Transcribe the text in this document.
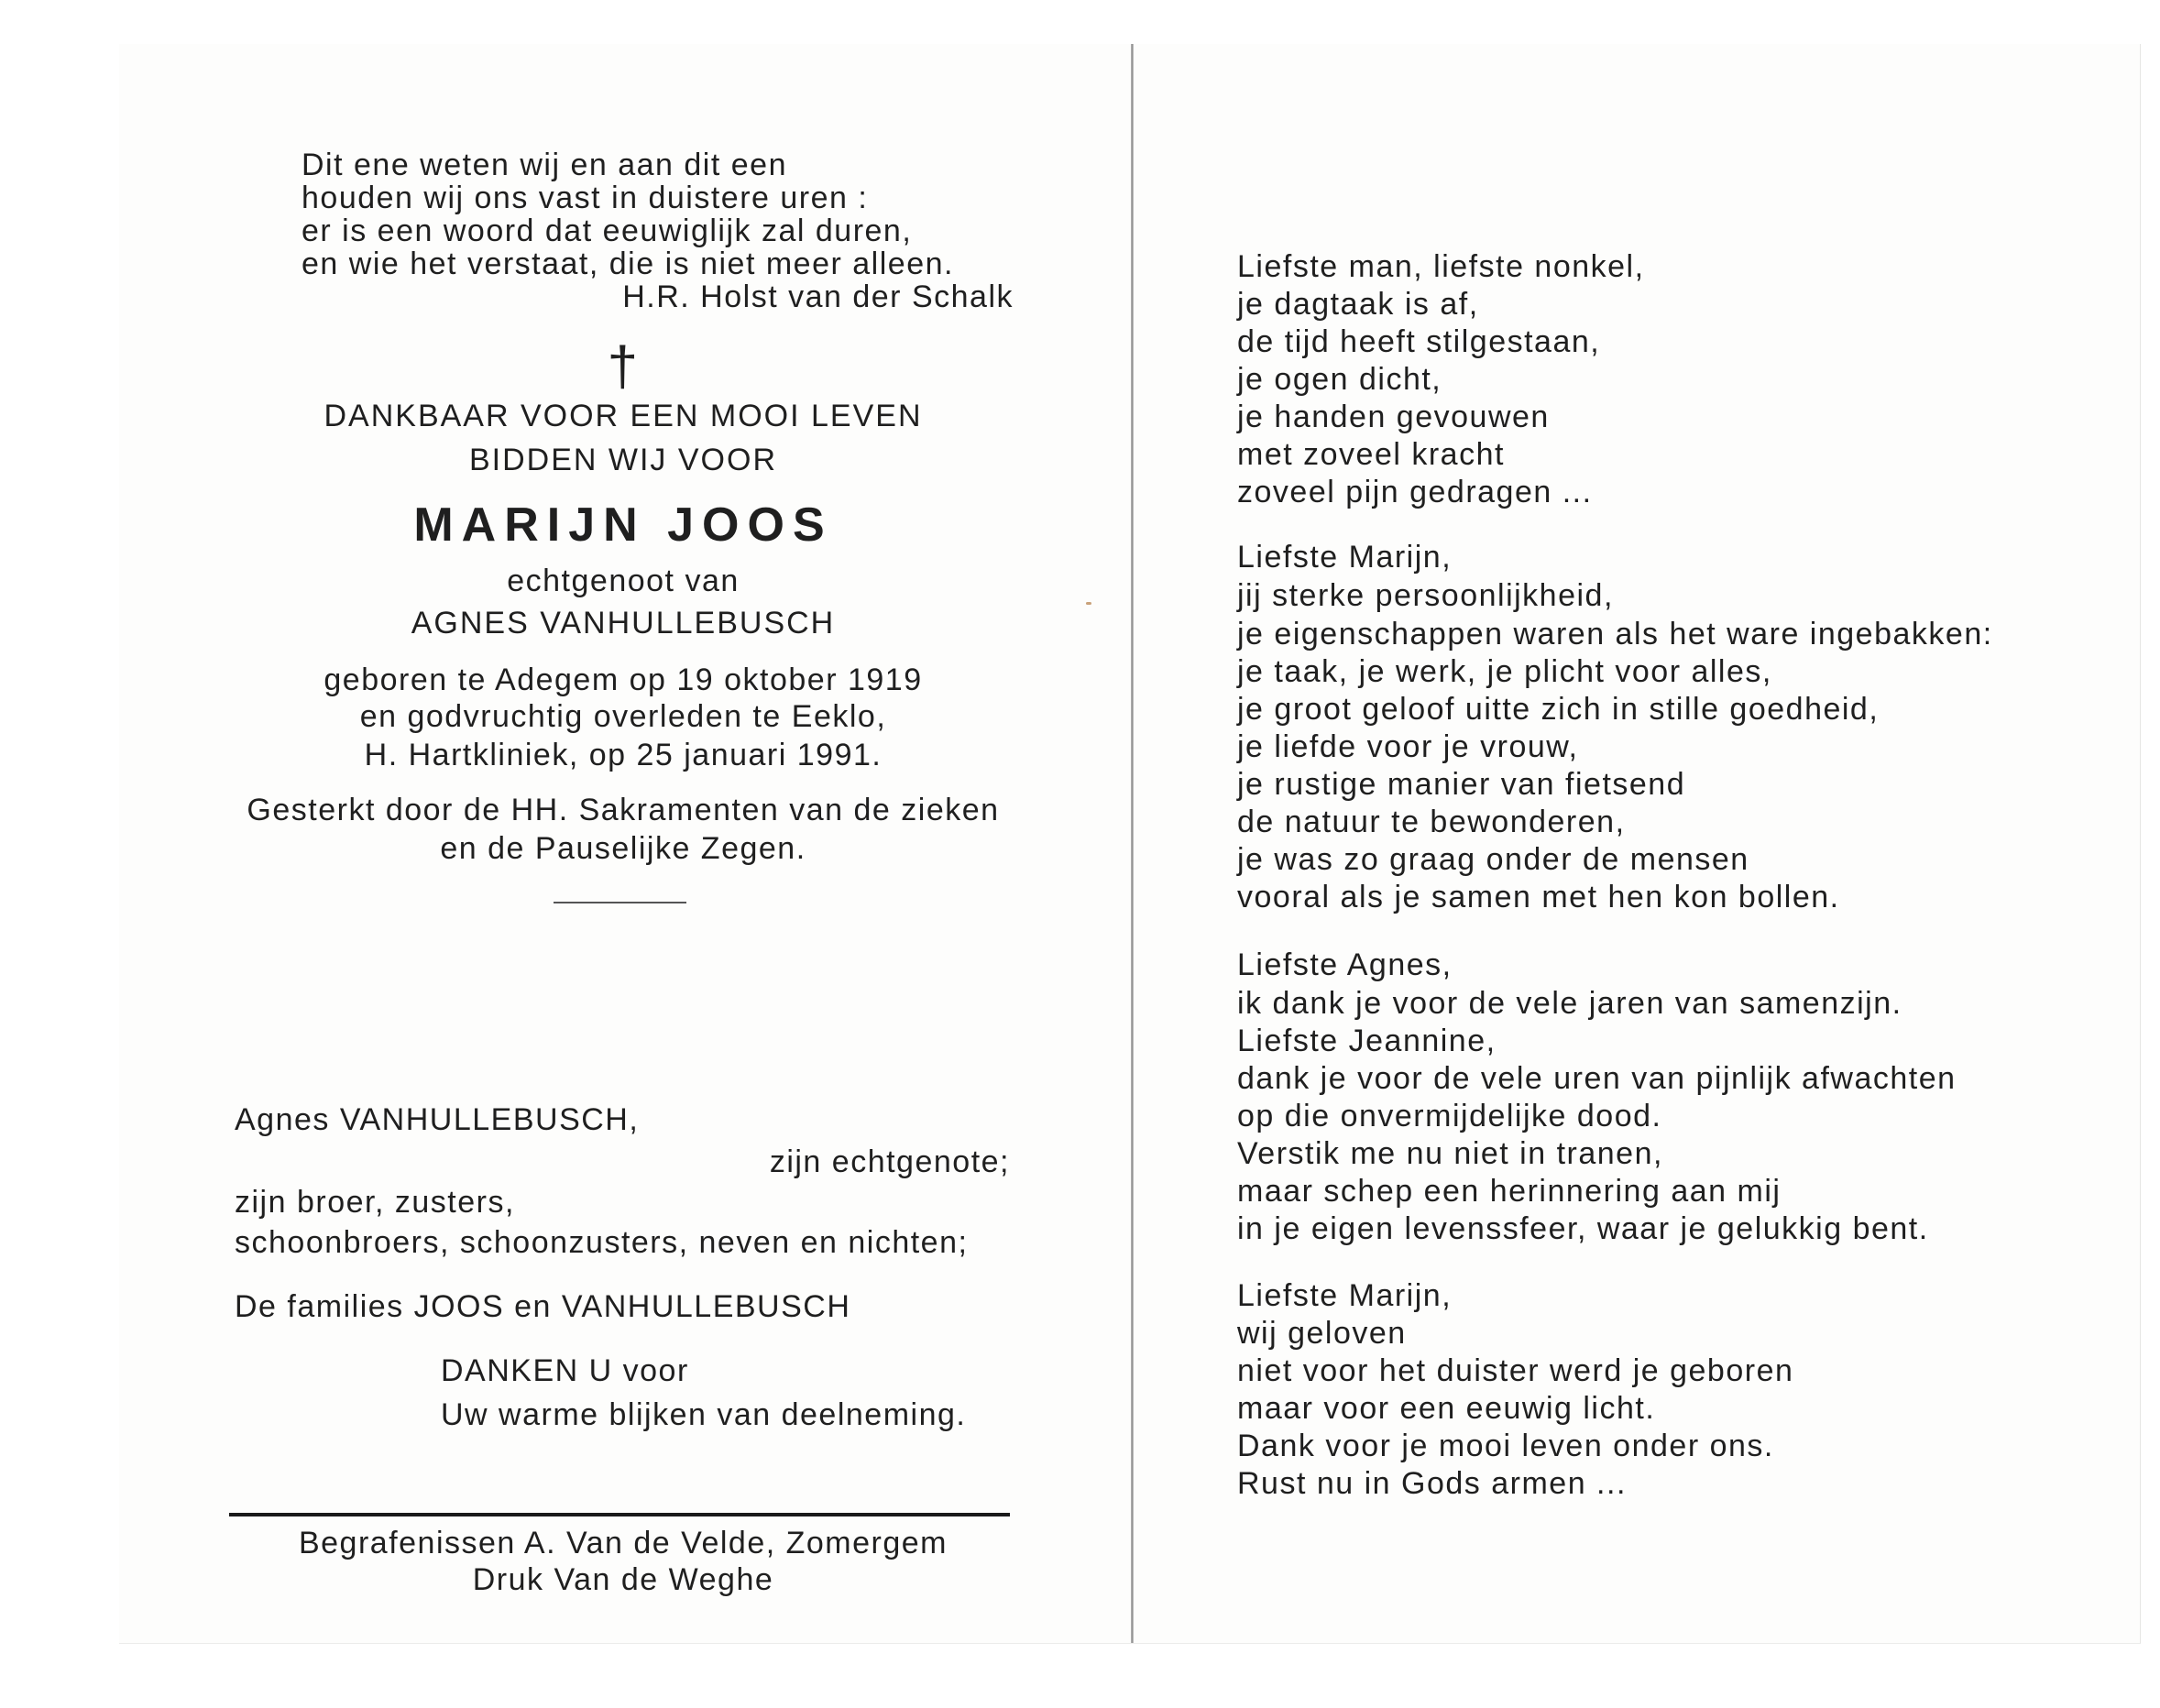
Dit ene weten wij en aan dit een
houden wij ons vast in duistere uren :
er is een woord dat eeuwiglijk zal duren,
en wie het verstaat, die is niet meer alleen.
H.R. Holst van der Schalk
†
DANKBAAR VOOR EEN MOOI LEVEN
BIDDEN WIJ VOOR
MARIJN JOOS
echtgenoot van
AGNES VANHULLEBUSCH
geboren te Adegem op 19 oktober 1919
en godvruchtig overleden te Eeklo,
H. Hartkliniek, op 25 januari 1991.
Gesterkt door de HH. Sakramenten van de zieken
en de Pauselijke Zegen.
Agnes VANHULLEBUSCH,
zijn echtgenote;
zijn broer, zusters,
schoonbroers, schoonzusters, neven en nichten;
De families JOOS en VANHULLEBUSCH
DANKEN U voor
Uw warme blijken van deelneming.
Begrafenissen A. Van de Velde, Zomergem
Druk Van de Weghe
Liefste man, liefste nonkel,
je dagtaak is af,
de tijd heeft stilgestaan,
je ogen dicht,
je handen gevouwen
met zoveel kracht
zoveel pijn gedragen ...
Liefste Marijn,
jij sterke persoonlijkheid,
je eigenschappen waren als het ware ingebakken:
je taak, je werk, je plicht voor alles,
je groot geloof uitte zich in stille goedheid,
je liefde voor je vrouw,
je rustige manier van fietsend
de natuur te bewonderen,
je was zo graag onder de mensen
vooral als je samen met hen kon bollen.
Liefste Agnes,
ik dank je voor de vele jaren van samenzijn.
Liefste Jeannine,
dank je voor de vele uren van pijnlijk afwachten
op die onvermijdelijke dood.
Verstik me nu niet in tranen,
maar schep een herinnering aan mij
in je eigen levenssfeer, waar je gelukkig bent.
Liefste Marijn,
wij geloven
niet voor het duister werd je geboren
maar voor een eeuwig licht.
Dank voor je mooi leven onder ons.
Rust nu in Gods armen ...
